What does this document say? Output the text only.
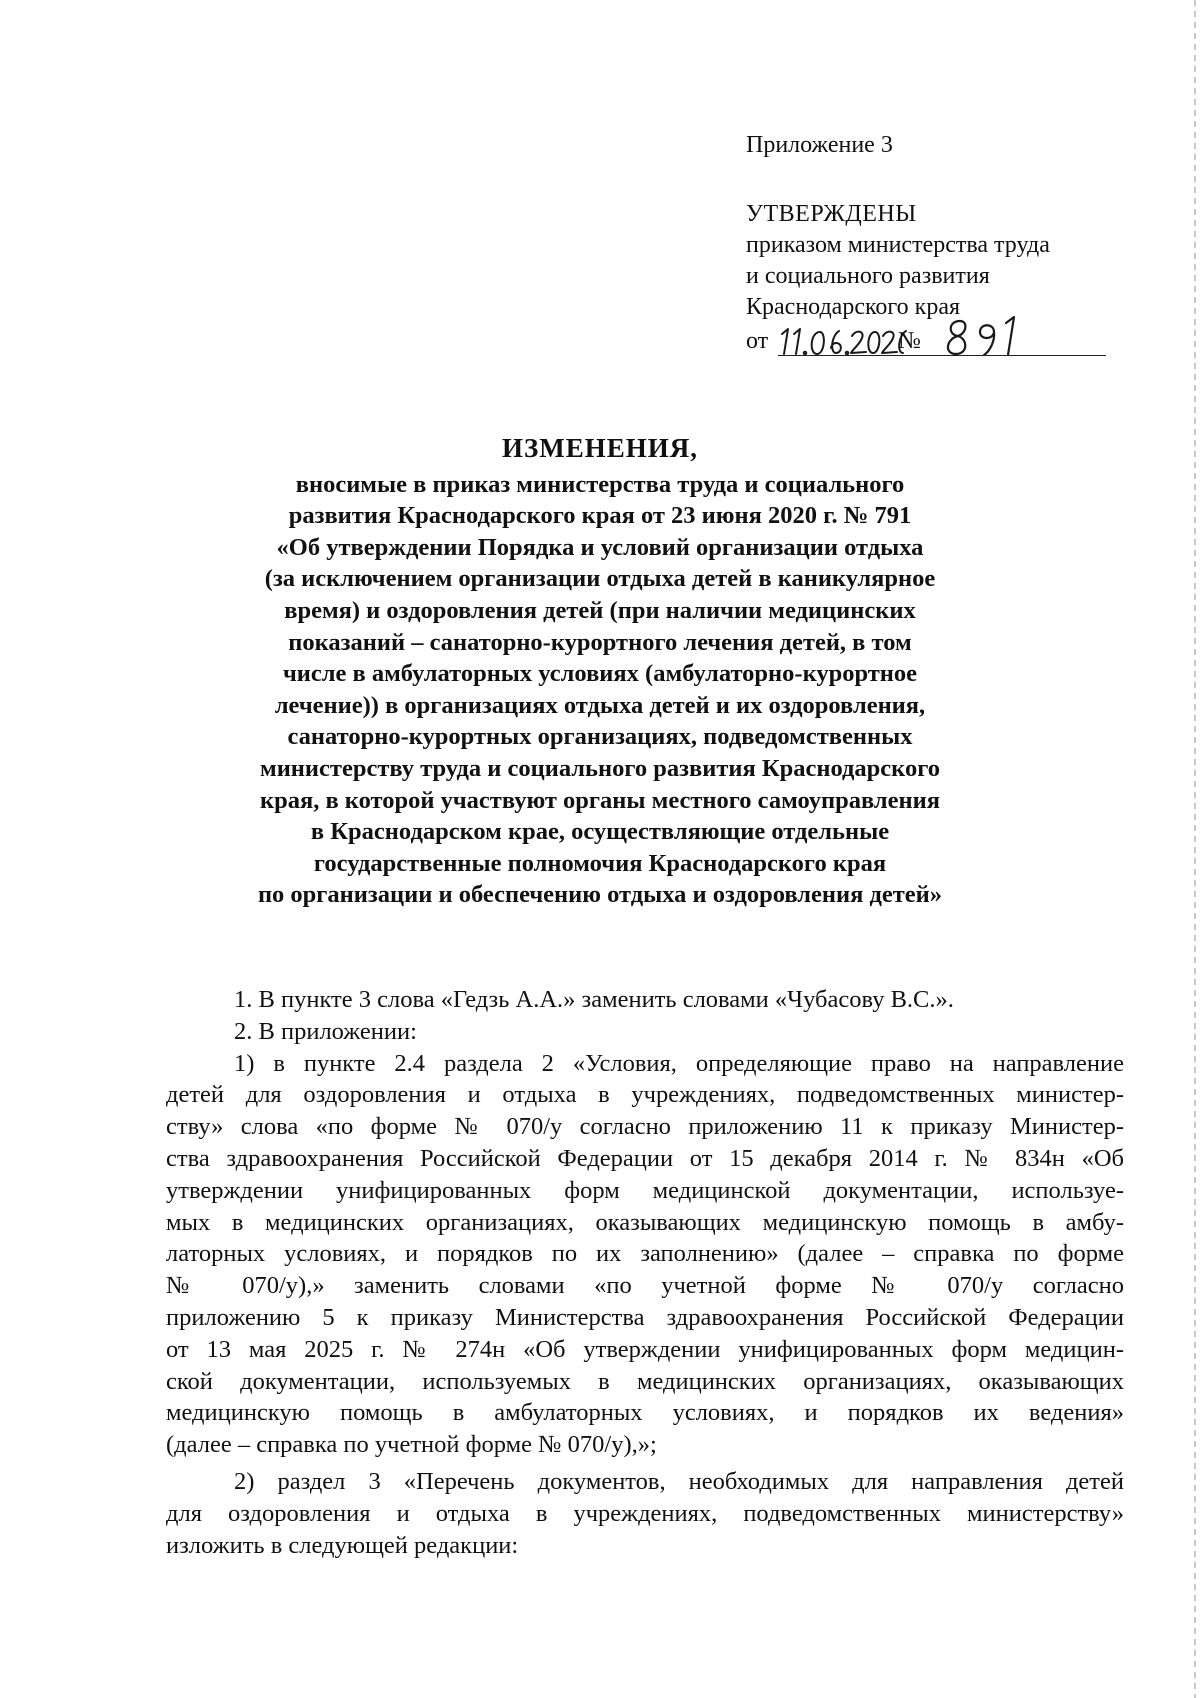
Приложение 3
УТВЕРЖДЕНЫ
приказом министерства труда
и социального развития
Краснодарского края
от	№
ИЗМЕНЕНИЯ,
вносимые в приказ министерства труда и социального
развития Краснодарского края от 23 июня 2020 г. № 791
«Об утверждении Порядка и условий организации отдыха
(за исключением организации отдыха детей в каникулярное
время) и оздоровления детей (при наличии медицинских
показаний – санаторно-курортного лечения детей, в том
числе в амбулаторных условиях (амбулаторно-курортное
лечение)) в организациях отдыха детей и их оздоровления,
санаторно-курортных организациях, подведомственных
министерству труда и социального развития Краснодарского
края, в которой участвуют органы местного самоуправления
в Краснодарском крае, осуществляющие отдельные
государственные полномочия Краснодарского края
по организации и обеспечению отдыха и оздоровления детей»
1. В пункте 3 слова «Гедзь А.А.» заменить словами «Чубасову В.С.».
2. В приложении:
1) в пункте 2.4 раздела 2 «Условия, определяющие право на направление
детей для оздоровления и отдыха в учреждениях, подведомственных министер-
ству» слова «по форме № 070/у согласно приложению 11 к приказу Министер-
ства здравоохранения Российской Федерации от 15 декабря 2014 г. № 834н «Об
утверждении унифицированных форм медицинской документации, используе-
мых в медицинских организациях, оказывающих медицинскую помощь в амбу-
латорных условиях, и порядков по их заполнению» (далее – справка по форме
№ 070/у),» заменить словами «по учетной форме № 070/у согласно
приложению 5 к приказу Министерства здравоохранения Российской Федерации
от 13 мая 2025 г. № 274н «Об утверждении унифицированных форм медицин-
ской документации, используемых в медицинских организациях, оказывающих
медицинскую помощь в амбулаторных условиях, и порядков их ведения»
(далее – справка по учетной форме № 070/у),»;
2) раздел 3 «Перечень документов, необходимых для направления детей
для оздоровления и отдыха в учреждениях, подведомственных министерству»
изложить в следующей редакции:
